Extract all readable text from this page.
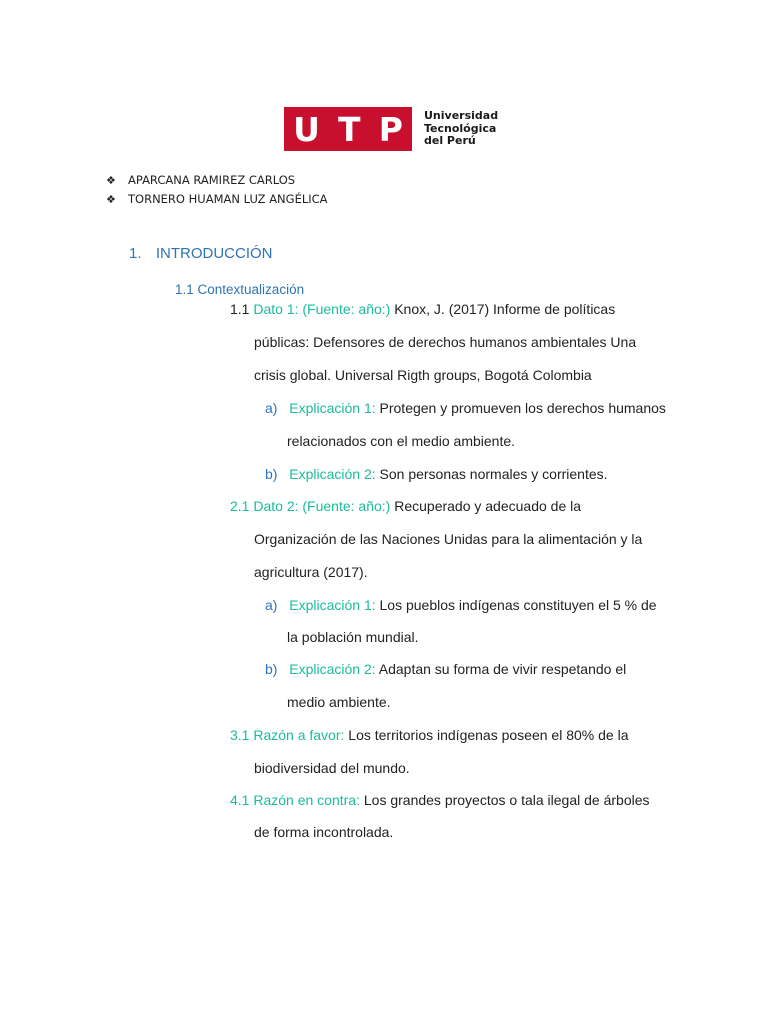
U T P Universidad
Tecnológica
del Perú
❖ APARCANA RAMIREZ CARLOS
❖ TORNERO HUAMAN LUZ ANGÉLICA
1. INTRODUCCIÓN
1.1 Contextualización
1.1 Dato 1: (Fuente: año:) Knox, J. (2017) Informe de políticas
públicas: Defensores de derechos humanos ambientales Una
crisis global. Universal Rigth groups, Bogotá Colombia
a) Explicación 1: Protegen y promueven los derechos humanos
relacionados con el medio ambiente.
b) Explicación 2: Son personas normales y corrientes.
2.1 Dato 2: (Fuente: año:) Recuperado y adecuado de la
Organización de las Naciones Unidas para la alimentación y la
agricultura (2017).
a) Explicación 1: Los pueblos indígenas constituyen el 5 % de
la población mundial.
b) Explicación 2: Adaptan su forma de vivir respetando el
medio ambiente.
3.1 Razón a favor: Los territorios indígenas poseen el 80% de la
biodiversidad del mundo.
4.1 Razón en contra: Los grandes proyectos o tala ilegal de árboles
de forma incontrolada.
